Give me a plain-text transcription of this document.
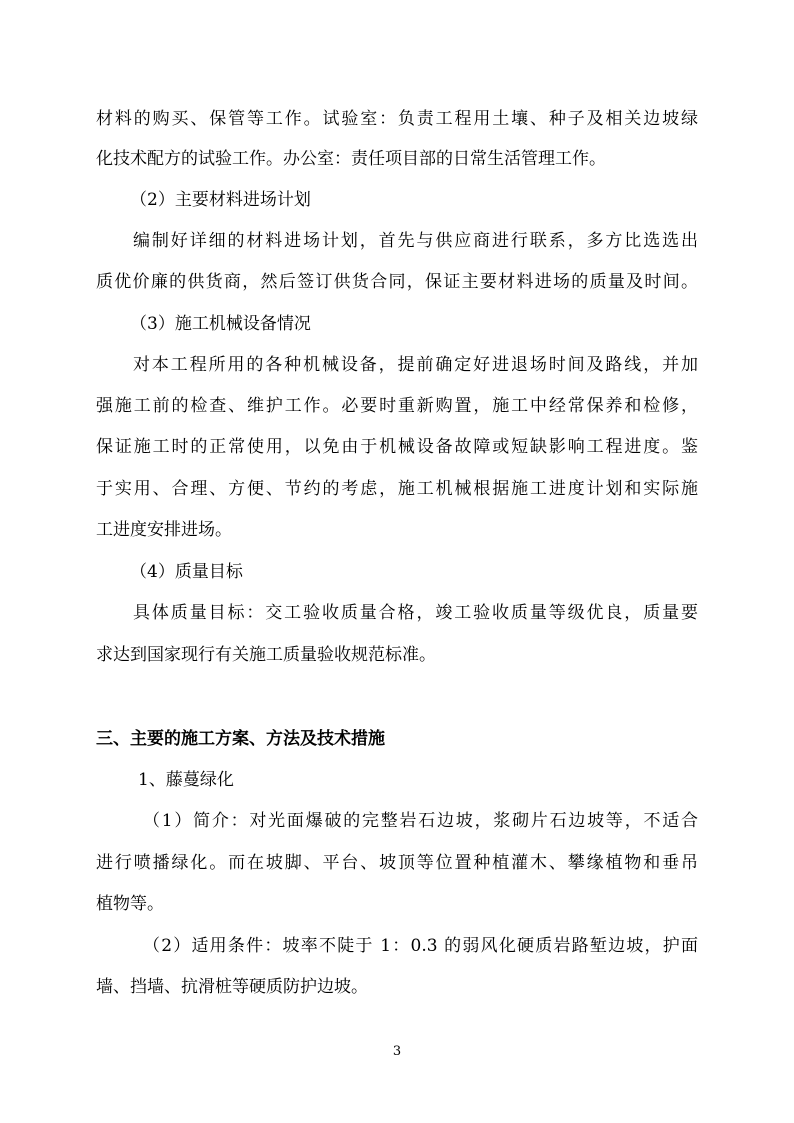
材料的购买、保管等工作。试验室：负责工程用土壤、种子及相关边坡绿
化技术配方的试验工作。办公室：责任项目部的日常生活管理工作。
（2）主要材料进场计划
编制好详细的材料进场计划，首先与供应商进行联系，多方比选选出
质优价廉的供货商，然后签订供货合同，保证主要材料进场的质量及时间。
（3）施工机械设备情况
对本工程所用的各种机械设备，提前确定好进退场时间及路线，并加
强施工前的检查、维护工作。必要时重新购置，施工中经常保养和检修，
保证施工时的正常使用，以免由于机械设备故障或短缺影响工程进度。鉴
于实用、合理、方便、节约的考虑，施工机械根据施工进度计划和实际施
工进度安排进场。
（4）质量目标
具体质量目标：交工验收质量合格，竣工验收质量等级优良，质量要
求达到国家现行有关施工质量验收规范标准。
三、主要的施工方案、方法及技术措施
1、藤蔓绿化
（1）简介：对光面爆破的完整岩石边坡，浆砌片石边坡等，不适合
进行喷播绿化。而在坡脚、平台、坡顶等位置种植灌木、攀缘植物和垂吊
植物等。
（2）适用条件：坡率不陡于 1：0.3 的弱风化硬质岩路堑边坡，护面
墙、挡墙、抗滑桩等硬质防护边坡。
3
